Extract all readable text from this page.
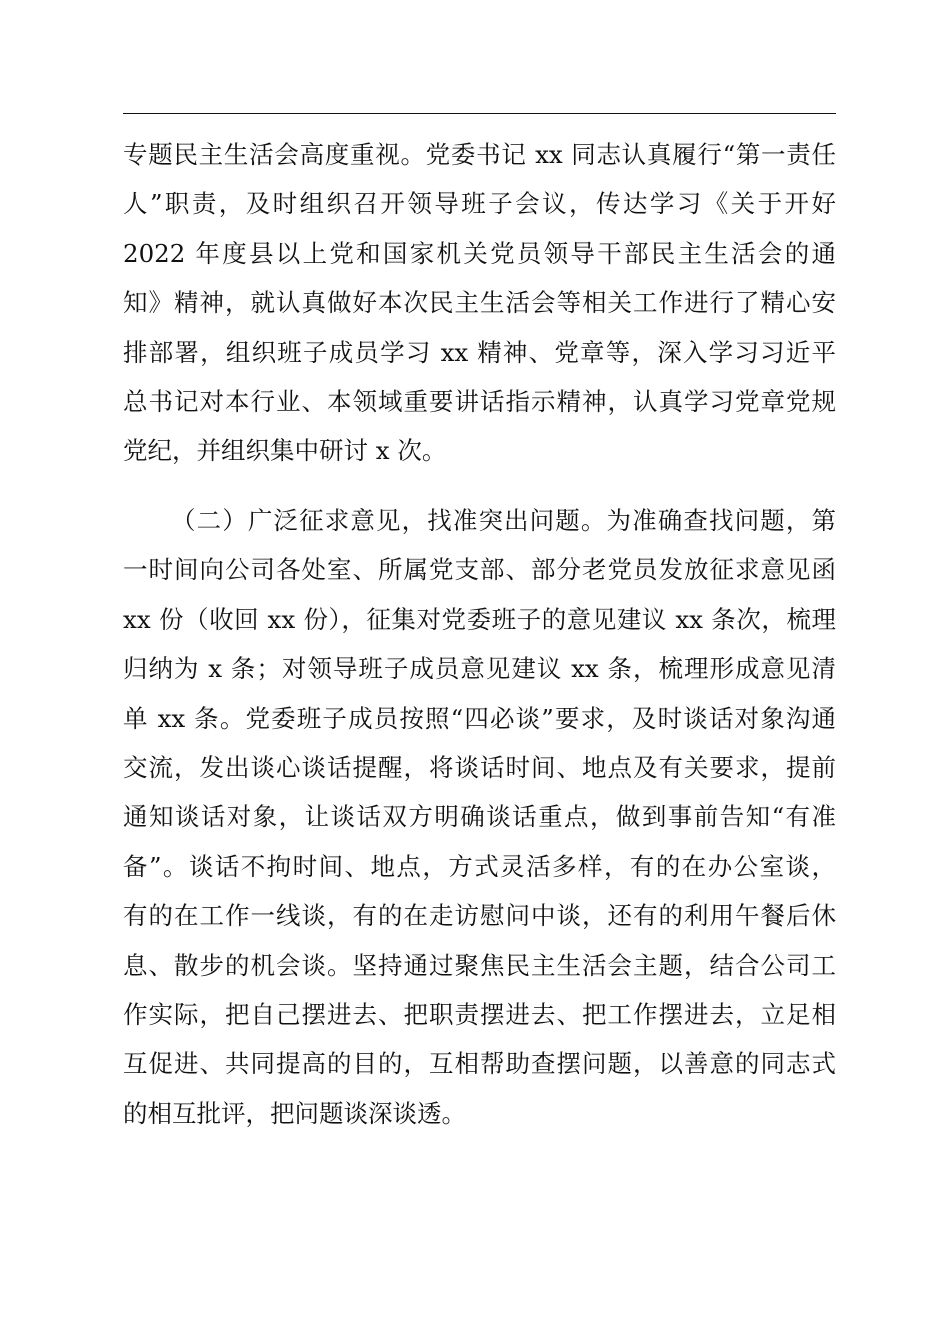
专题民主生活会高度重视。党委书记 xx 同志认真履行“第一责任
人”职责，及时组织召开领导班子会议，传达学习《关于开好
2022 年度县以上党和国家机关党员领导干部民主生活会的通
知》精神，就认真做好本次民主生活会等相关工作进行了精心安
排部署，组织班子成员学习 xx 精神、党章等，深入学习习近平
总书记对本行业、本领域重要讲话指示精神，认真学习党章党规
党纪，并组织集中研讨 x 次。
（二）广泛征求意见，找准突出问题。为准确查找问题，第
一时间向公司各处室、所属党支部、部分老党员发放征求意见函
xx 份（收回 xx 份），征集对党委班子的意见建议 xx 条次，梳理
归纳为 x 条；对领导班子成员意见建议 xx 条，梳理形成意见清
单 xx 条。党委班子成员按照“四必谈”要求，及时谈话对象沟通
交流，发出谈心谈话提醒，将谈话时间、地点及有关要求，提前
通知谈话对象，让谈话双方明确谈话重点，做到事前告知“有准
备”。谈话不拘时间、地点，方式灵活多样，有的在办公室谈，
有的在工作一线谈，有的在走访慰问中谈，还有的利用午餐后休
息、散步的机会谈。坚持通过聚焦民主生活会主题，结合公司工
作实际，把自己摆进去、把职责摆进去、把工作摆进去，立足相
互促进、共同提高的目的，互相帮助查摆问题，以善意的同志式
的相互批评，把问题谈深谈透。
